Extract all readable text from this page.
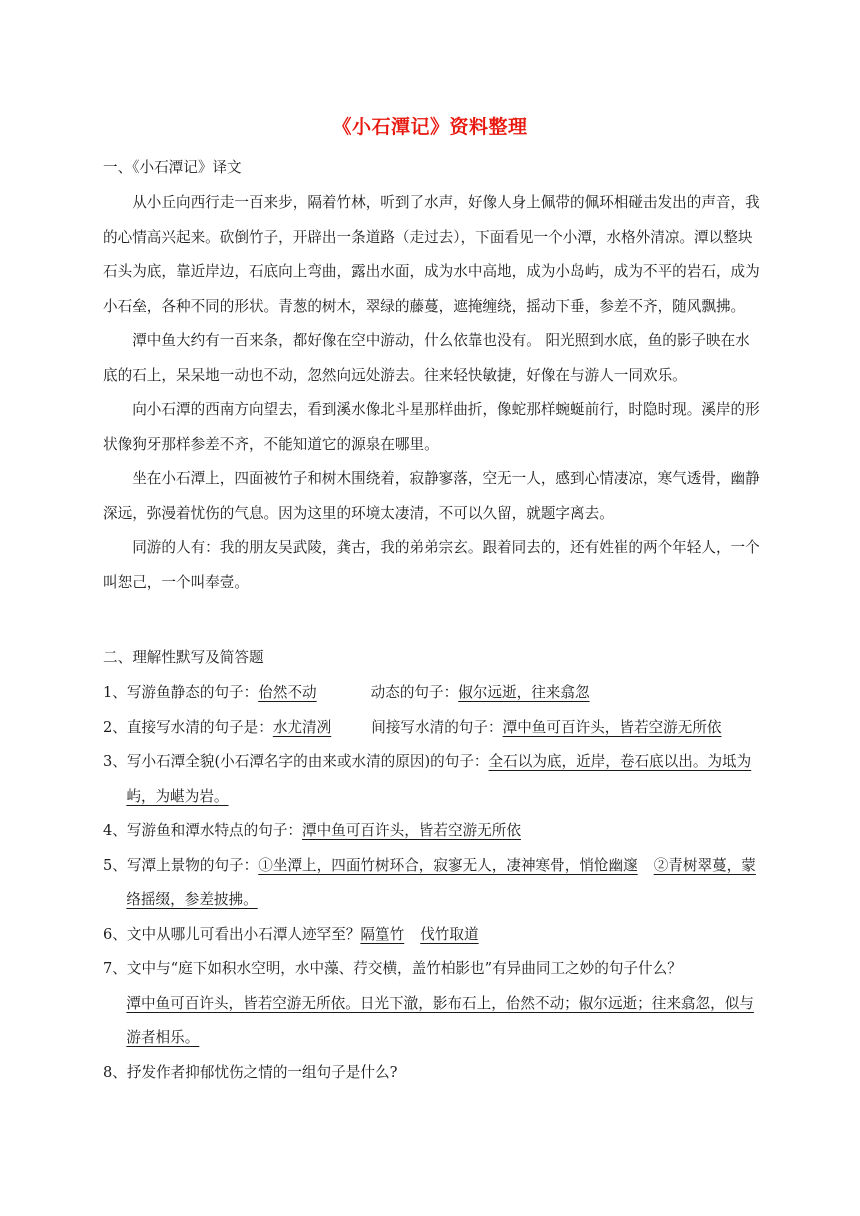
《小石潭记》资料整理
一、《小石潭记》译文

从小丘向西行走一百来步，隔着竹林，听到了水声，好像人身上佩带的佩环相碰击发出的声音，我的心情高兴起来。砍倒竹子，开辟出一条道路（走过去），下面看见一个小潭，水格外清凉。潭以整块石头为底，靠近岸边，石底向上弯曲，露出水面，成为水中高地，成为小岛屿，成为不平的岩石，成为小石垒，各种不同的形状。青葱的树木，翠绿的藤蔓，遮掩缠绕，摇动下垂，参差不齐，随风飘拂。

潭中鱼大约有一百来条，都好像在空中游动，什么依靠也没有。 阳光照到水底，鱼的影子映在水底的石上，呆呆地一动也不动，忽然向远处游去。往来轻快敏捷，好像在与游人一同欢乐。

向小石潭的西南方向望去，看到溪水像北斗星那样曲折，像蛇那样蜿蜒前行，时隐时现。溪岸的形状像狗牙那样参差不齐，不能知道它的源泉在哪里。

坐在小石潭上，四面被竹子和树木围绕着，寂静寥落，空无一人，感到心情凄凉，寒气透骨，幽静深远，弥漫着忧伤的气息。因为这里的环境太凄清，不可以久留，就题字离去。

同游的人有：我的朋友吴武陵，龚古，我的弟弟宗玄。跟着同去的，还有姓崔的两个年轻人，一个叫恕己，一个叫奉壹。

二、理解性默写及简答题
1、写游鱼静态的句子：佁然不动	动态的句子：俶尔远逝，往来翕忽
2、直接写水清的句子是：水尤清冽	间接写水清的句子：潭中鱼可百许头，皆若空游无所依
3、写小石潭全貌(小石潭名字的由来或水清的原因)的句子：全石以为底，近岸，卷石底以出。为坻为屿，为嵁为岩。
4、写游鱼和潭水特点的句子：潭中鱼可百许头，皆若空游无所依
5、写潭上景物的句子：①坐潭上，四面竹树环合，寂寥无人，凄神寒骨，悄怆幽邃 ②青树翠蔓，蒙络摇缀，参差披拂。
6、文中从哪儿可看出小石潭人迹罕至？隔篁竹 伐竹取道
7、文中与“庭下如积水空明，水中藻、荇交横，盖竹柏影也”有异曲同工之妙的句子什么？
潭中鱼可百许头，皆若空游无所依。日光下澈，影布石上，佁然不动；俶尔远逝；往来翕忽，似与游者相乐。
8、抒发作者抑郁忧伤之情的一组句子是什么?
